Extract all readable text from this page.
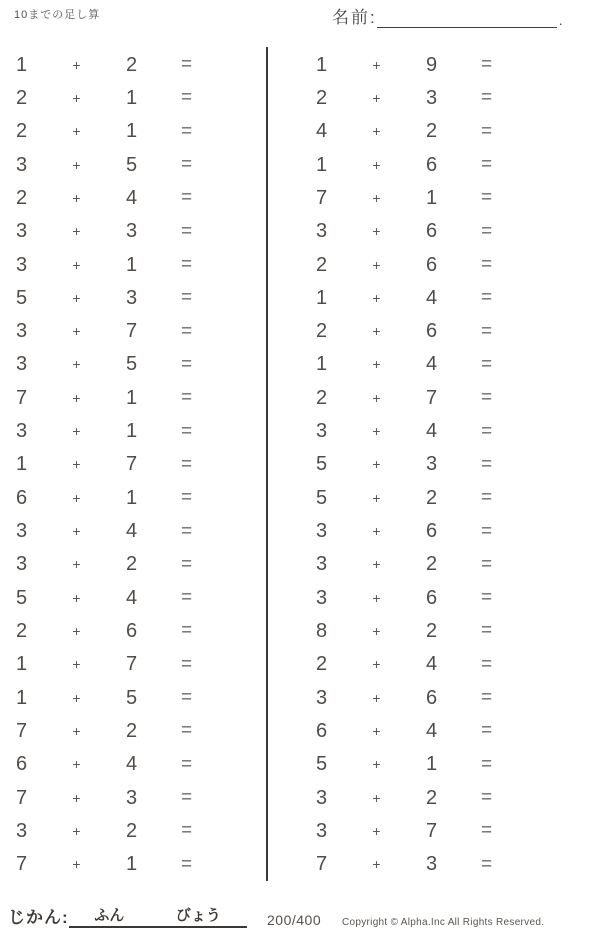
10までの足し算	名前:	.
1	+	2	=
2	+	1	=
2	+	1	=
3	+	5	=
2	+	4	=
3	+	3	=
3	+	1	=
5	+	3	=
3	+	7	=
3	+	5	=
7	+	1	=
3	+	1	=
1	+	7	=
6	+	1	=
3	+	4	=
3	+	2	=
5	+	4	=
2	+	6	=
1	+	7	=
1	+	5	=
7	+	2	=
6	+	4	=
7	+	3	=
3	+	2	=
7	+	1	=
1	+	9	=
2	+	3	=
4	+	2	=
1	+	6	=
7	+	1	=
3	+	6	=
2	+	6	=
1	+	4	=
2	+	6	=
1	+	4	=
2	+	7	=
3	+	4	=
5	+	3	=
5	+	2	=
3	+	6	=
3	+	2	=
3	+	6	=
8	+	2	=
2	+	4	=
3	+	6	=
6	+	4	=
5	+	1	=
3	+	2	=
3	+	7	=
7	+	3	=
じかん: ふん	びょう	200/400 Copyright © Alpha.Inc All Rights Reserved.
